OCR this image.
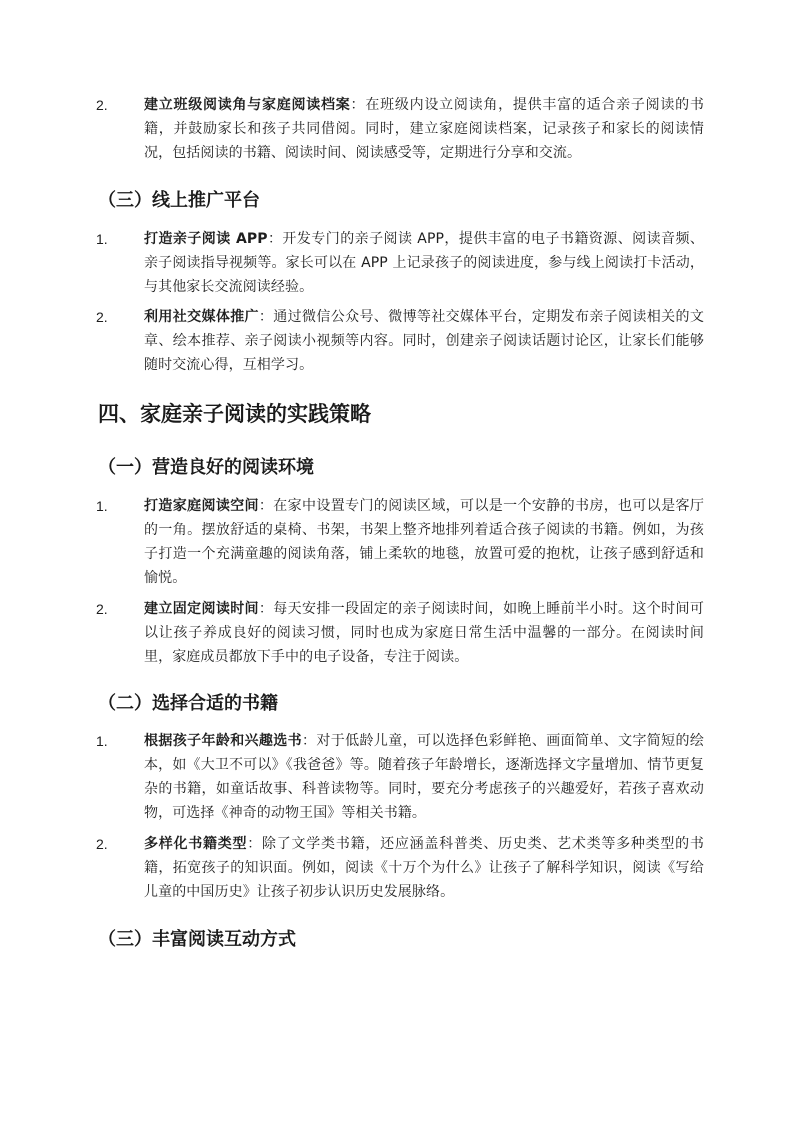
2.	建立班级阅读角与家庭阅读档案：在班级内设立阅读角，提供丰富的适合亲子阅读的书籍，并鼓励家长和孩子共同借阅。同时，建立家庭阅读档案，记录孩子和家长的阅读情况，包括阅读的书籍、阅读时间、阅读感受等，定期进行分享和交流。
（三）线上推广平台
1.	打造亲子阅读 APP：开发专门的亲子阅读 APP，提供丰富的电子书籍资源、阅读音频、亲子阅读指导视频等。家长可以在 APP 上记录孩子的阅读进度，参与线上阅读打卡活动，与其他家长交流阅读经验。
2.	利用社交媒体推广：通过微信公众号、微博等社交媒体平台，定期发布亲子阅读相关的文章、绘本推荐、亲子阅读小视频等内容。同时，创建亲子阅读话题讨论区，让家长们能够随时交流心得，互相学习。
四、家庭亲子阅读的实践策略
（一）营造良好的阅读环境
1.	打造家庭阅读空间：在家中设置专门的阅读区域，可以是一个安静的书房，也可以是客厅的一角。摆放舒适的桌椅、书架，书架上整齐地排列着适合孩子阅读的书籍。例如，为孩子打造一个充满童趣的阅读角落，铺上柔软的地毯，放置可爱的抱枕，让孩子感到舒适和愉悦。
2.	建立固定阅读时间：每天安排一段固定的亲子阅读时间，如晚上睡前半小时。这个时间可以让孩子养成良好的阅读习惯，同时也成为家庭日常生活中温馨的一部分。在阅读时间里，家庭成员都放下手中的电子设备，专注于阅读。
（二）选择合适的书籍
1.	根据孩子年龄和兴趣选书：对于低龄儿童，可以选择色彩鲜艳、画面简单、文字简短的绘本，如《大卫不可以》《我爸爸》等。随着孩子年龄增长，逐渐选择文字量增加、情节更复杂的书籍，如童话故事、科普读物等。同时，要充分考虑孩子的兴趣爱好，若孩子喜欢动物，可选择《神奇的动物王国》等相关书籍。
2.	多样化书籍类型：除了文学类书籍，还应涵盖科普类、历史类、艺术类等多种类型的书籍，拓宽孩子的知识面。例如，阅读《十万个为什么》让孩子了解科学知识，阅读《写给儿童的中国历史》让孩子初步认识历史发展脉络。
（三）丰富阅读互动方式
